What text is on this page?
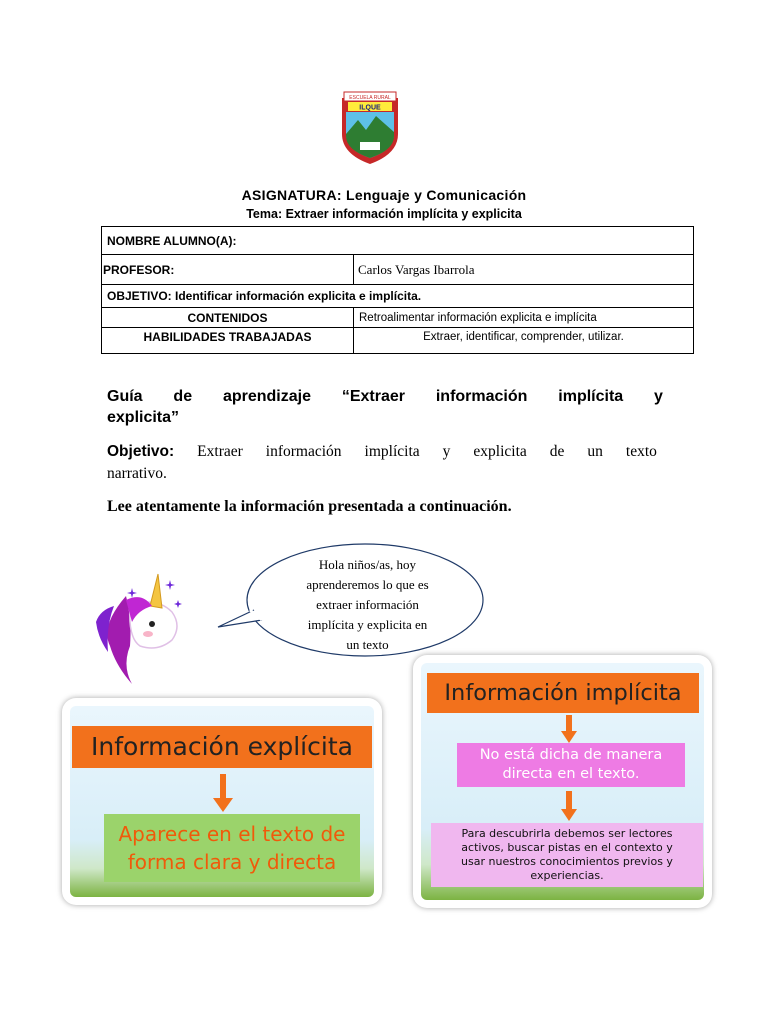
ESCUELA RURAL
ILQUE
ASIGNATURA: Lenguaje y Comunicación
Tema: Extraer información implícita y explicita
NOMBRE ALUMNO(A):	
PROFESOR:	Carlos Vargas Ibarrola
OBJETIVO: Identificar información explicita e implícita.	
CONTENIDOS	Retroalimentar información explicita e implícita
HABILIDADES TRABAJADAS	Extraer, identificar, comprender, utilizar.
Guía de aprendizaje “Extraer información implícita y
explicita”
Objetivo: Extraer información implícita y explicita de un texto
narrativo.
Lee atentamente la información presentada a continuación.
Hola niños/as, hoy
aprenderemos lo que es
extraer información
implícita y explicita en
un texto
Información explícita
Aparece en el texto de
forma clara y directa
Información implícita
No está dicha de manera
directa en el texto.
Para descubrirla debemos ser lectores
activos, buscar pistas en el contexto y
usar nuestros conocimientos previos y
experiencias.
